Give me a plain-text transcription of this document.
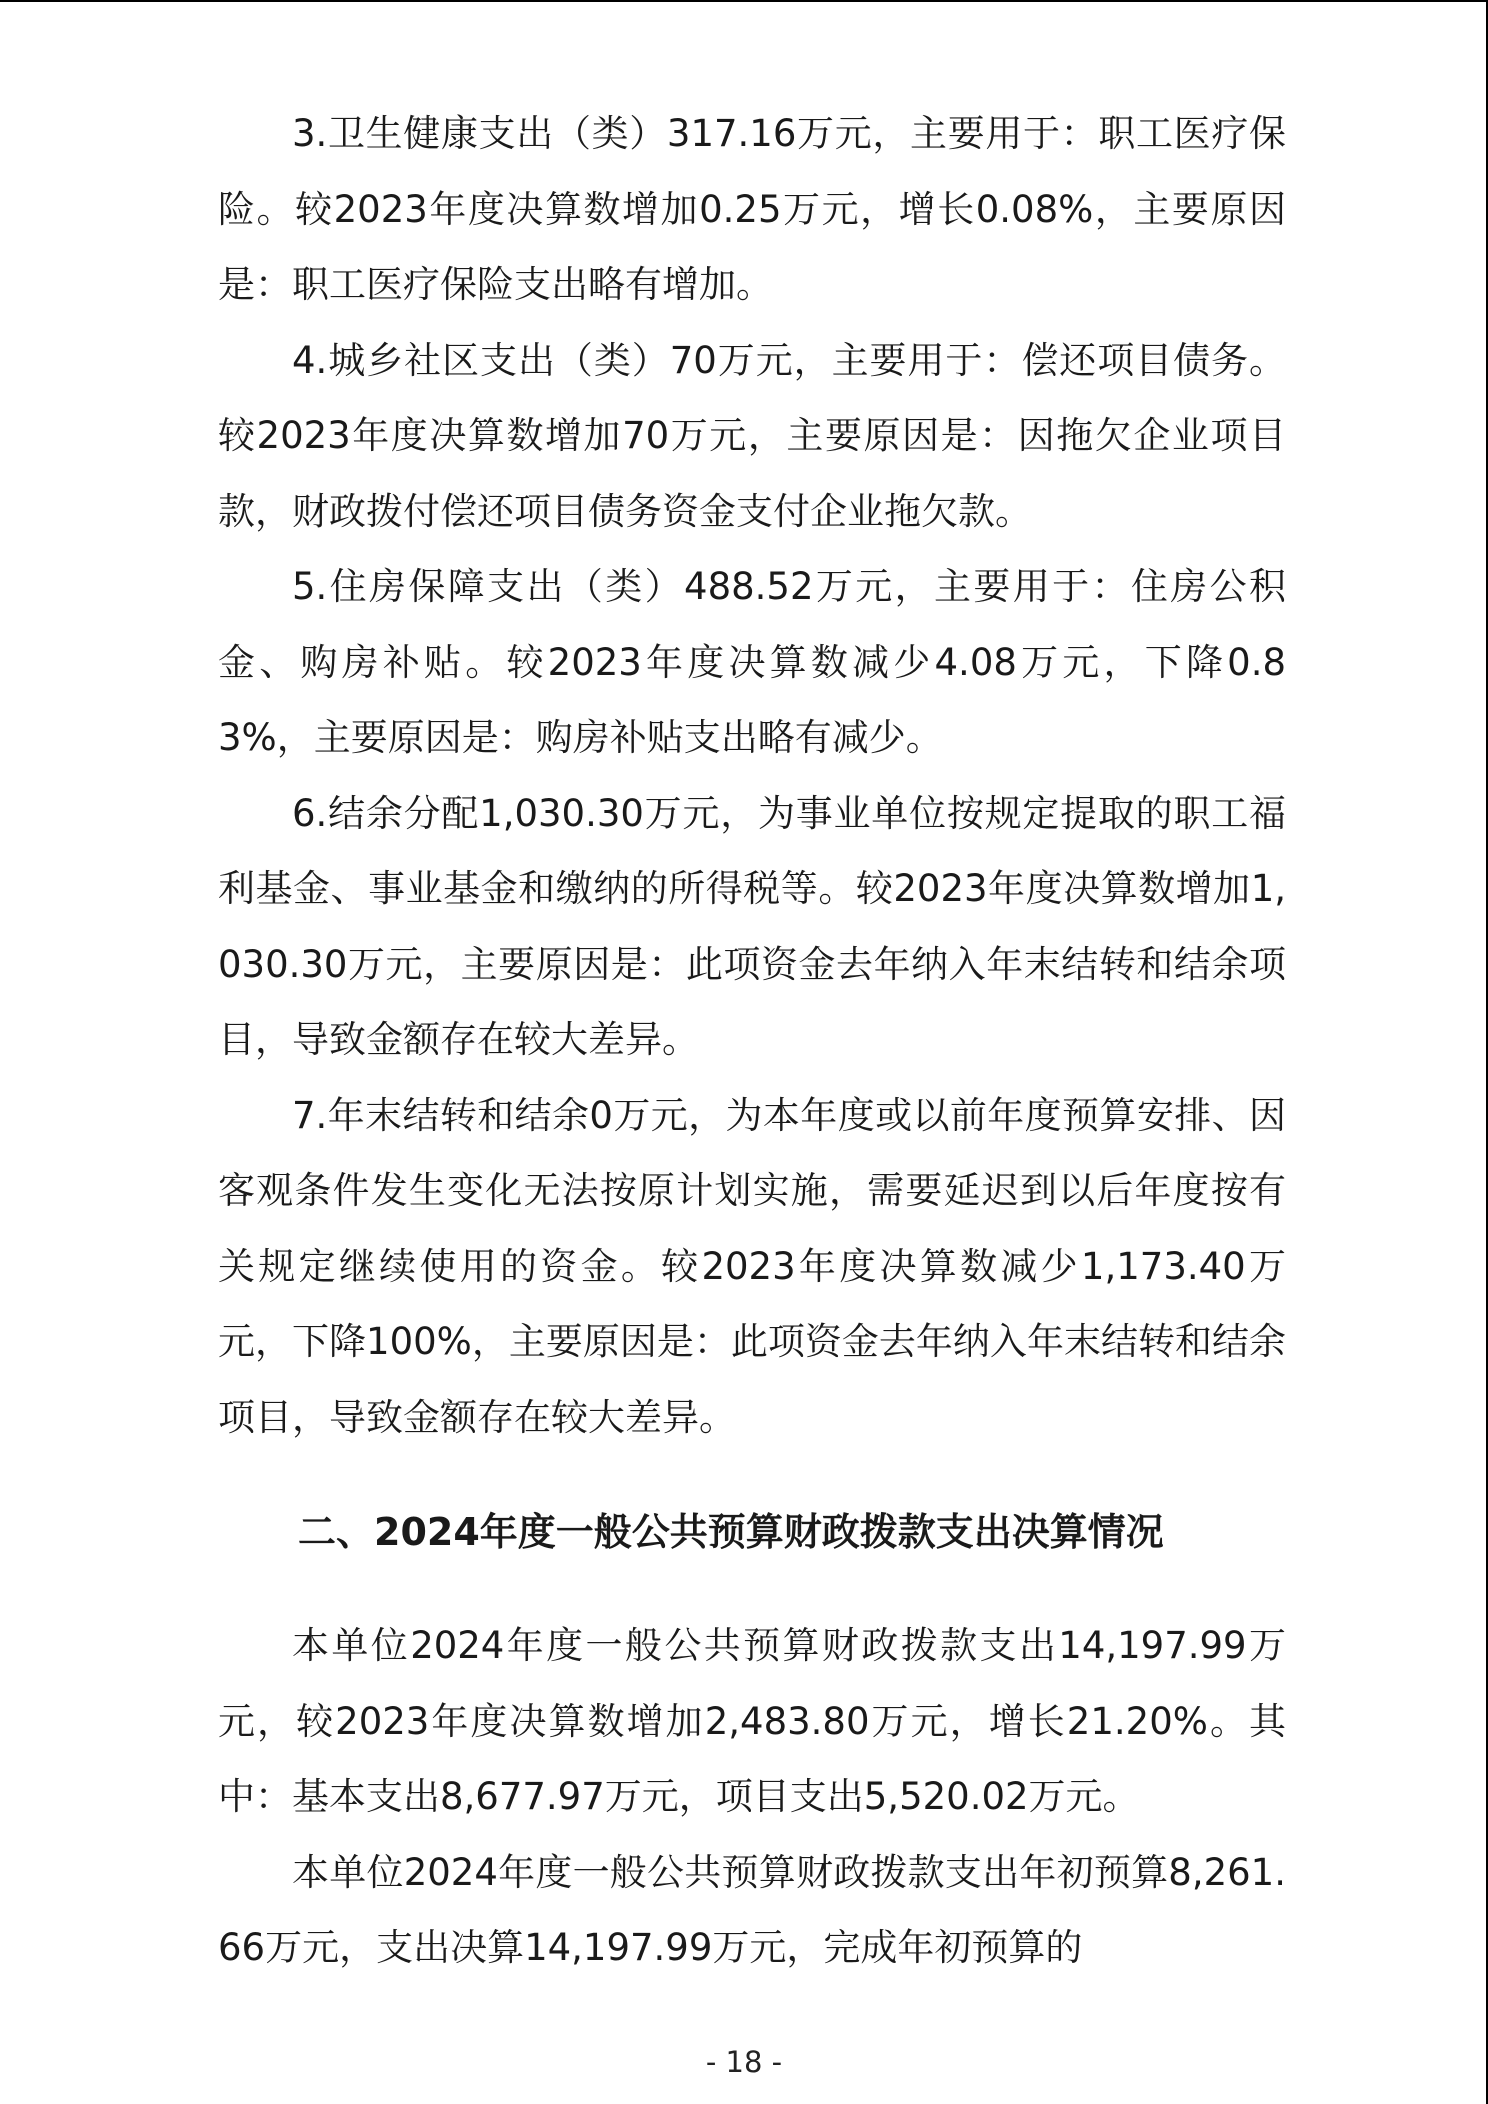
3.卫生健康支出（类）317.16万元，主要用于：职工医疗保险。较2023年度决算数增加0.25万元，增长0.08%，主要原因是：职工医疗保险支出略有增加。

4.城乡社区支出（类）70万元，主要用于：偿还项目债务。较2023年度决算数增加70万元，主要原因是：因拖欠企业项目款，财政拨付偿还项目债务资金支付企业拖欠款。

5.住房保障支出（类）488.52万元，主要用于：住房公积金、购房补贴。较2023年度决算数减少4.08万元，下降0.83%，主要原因是：购房补贴支出略有减少。

6.结余分配1,030.30万元，为事业单位按规定提取的职工福利基金、事业基金和缴纳的所得税等。较2023年度决算数增加1,030.30万元，主要原因是：此项资金去年纳入年末结转和结余项目，导致金额存在较大差异。

7.年末结转和结余0万元，为本年度或以前年度预算安排、因客观条件发生变化无法按原计划实施，需要延迟到以后年度按有关规定继续使用的资金。较2023年度决算数减少1,173.40万元，下降100%，主要原因是：此项资金去年纳入年末结转和结余项目，导致金额存在较大差异。

二、2024年度一般公共预算财政拨款支出决算情况

本单位2024年度一般公共预算财政拨款支出14,197.99万元，较2023年度决算数增加2,483.80万元，增长21.20%。其中：基本支出8,677.97万元，项目支出5,520.02万元。

本单位2024年度一般公共预算财政拨款支出年初预算8,261.66万元，支出决算14,197.99万元，完成年初预算的

- 18 -
